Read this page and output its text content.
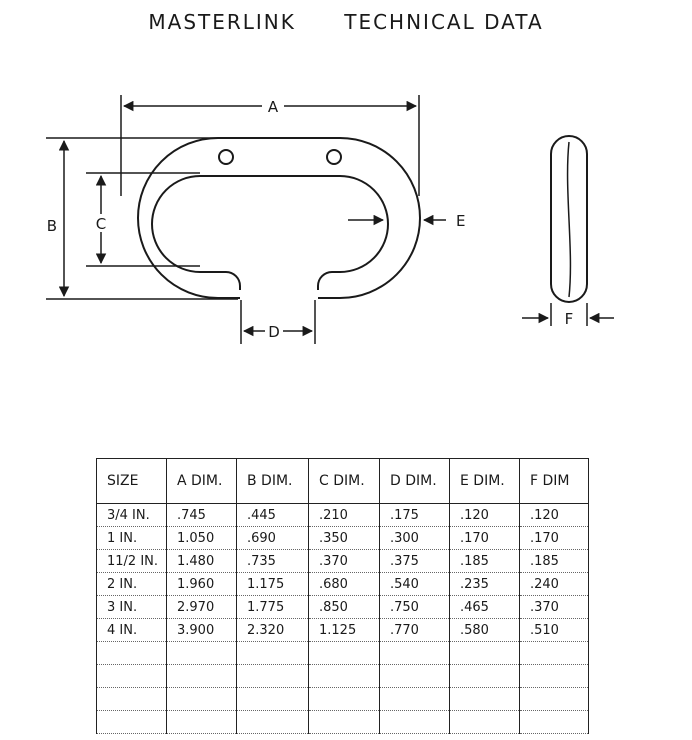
MASTERLINK TECHNICAL DATA
A
B	C
D
E
F
SIZE	A DIM.	B DIM.	C DIM.	D DIM.	E DIM.	F DIM
3/4 IN.	.745	.445	.210	.175	.120	.120
1 IN.	1.050	.690	.350	.300	.170	.170
11/2 IN.	1.480	.735	.370	.375	.185	.185
2 IN.	1.960	1.175	.680	.540	.235	.240
3 IN.	2.970	1.775	.850	.750	.465	.370
4 IN.	3.900	2.320	1.125	.770	.580	.510
